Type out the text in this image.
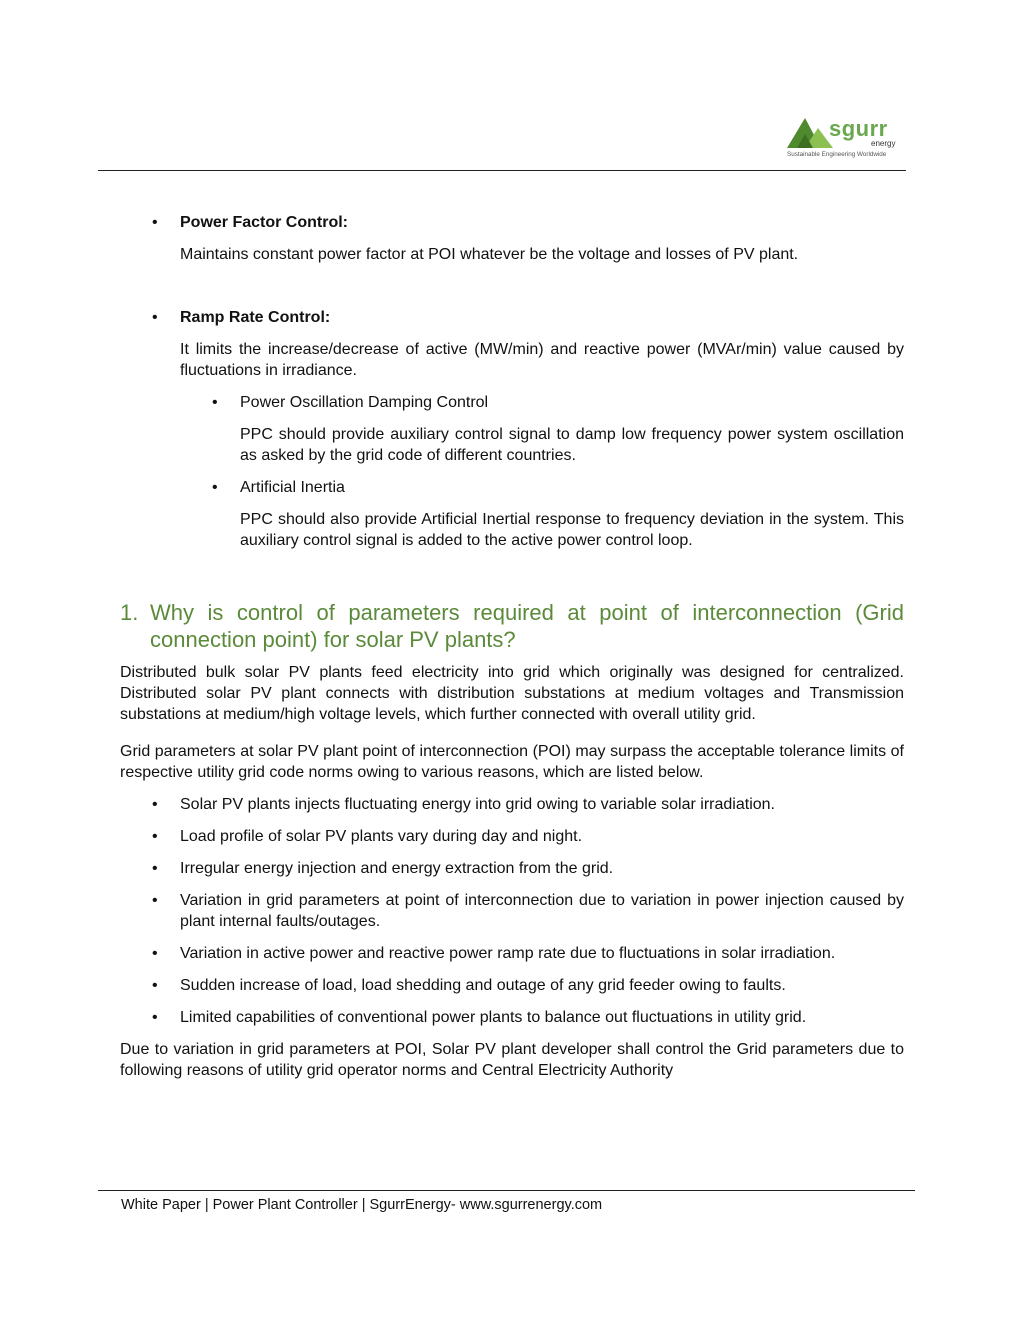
sgurr
energy
Sustainable Engineering Worldwide
• Power Factor Control:
Maintains constant power factor at POI whatever be the voltage and losses of PV plant.
• Ramp Rate Control:
It limits the increase/decrease of active (MW/min) and reactive power (MVAr/min) value caused by fluctuations in irradiance.
• Power Oscillation Damping Control
PPC should provide auxiliary control signal to damp low frequency power system oscillation as asked by the grid code of different countries.
• Artificial Inertia
PPC should also provide Artificial Inertial response to frequency deviation in the system. This auxiliary control signal is added to the active power control loop.
1. Why is control of parameters required at point of interconnection (Grid connection point) for solar PV plants?

Distributed bulk solar PV plants feed electricity into grid which originally was designed for centralized. Distributed solar PV plant connects with distribution substations at medium voltages and Transmission substations at medium/high voltage levels, which further connected with overall utility grid.

Grid parameters at solar PV plant point of interconnection (POI) may surpass the acceptable tolerance limits of respective utility grid code norms owing to various reasons, which are listed below.

• Solar PV plants injects fluctuating energy into grid owing to variable solar irradiation.
• Load profile of solar PV plants vary during day and night.
• Irregular energy injection and energy extraction from the grid.
• Variation in grid parameters at point of interconnection due to variation in power injection caused by plant internal faults/outages.
• Variation in active power and reactive power ramp rate due to fluctuations in solar irradiation.
• Sudden increase of load, load shedding and outage of any grid feeder owing to faults.
• Limited capabilities of conventional power plants to balance out fluctuations in utility grid.

Due to variation in grid parameters at POI, Solar PV plant developer shall control the Grid parameters due to following reasons of utility grid operator norms and Central Electricity Authority

White Paper | Power Plant Controller | SgurrEnergy- www.sgurrenergy.com
